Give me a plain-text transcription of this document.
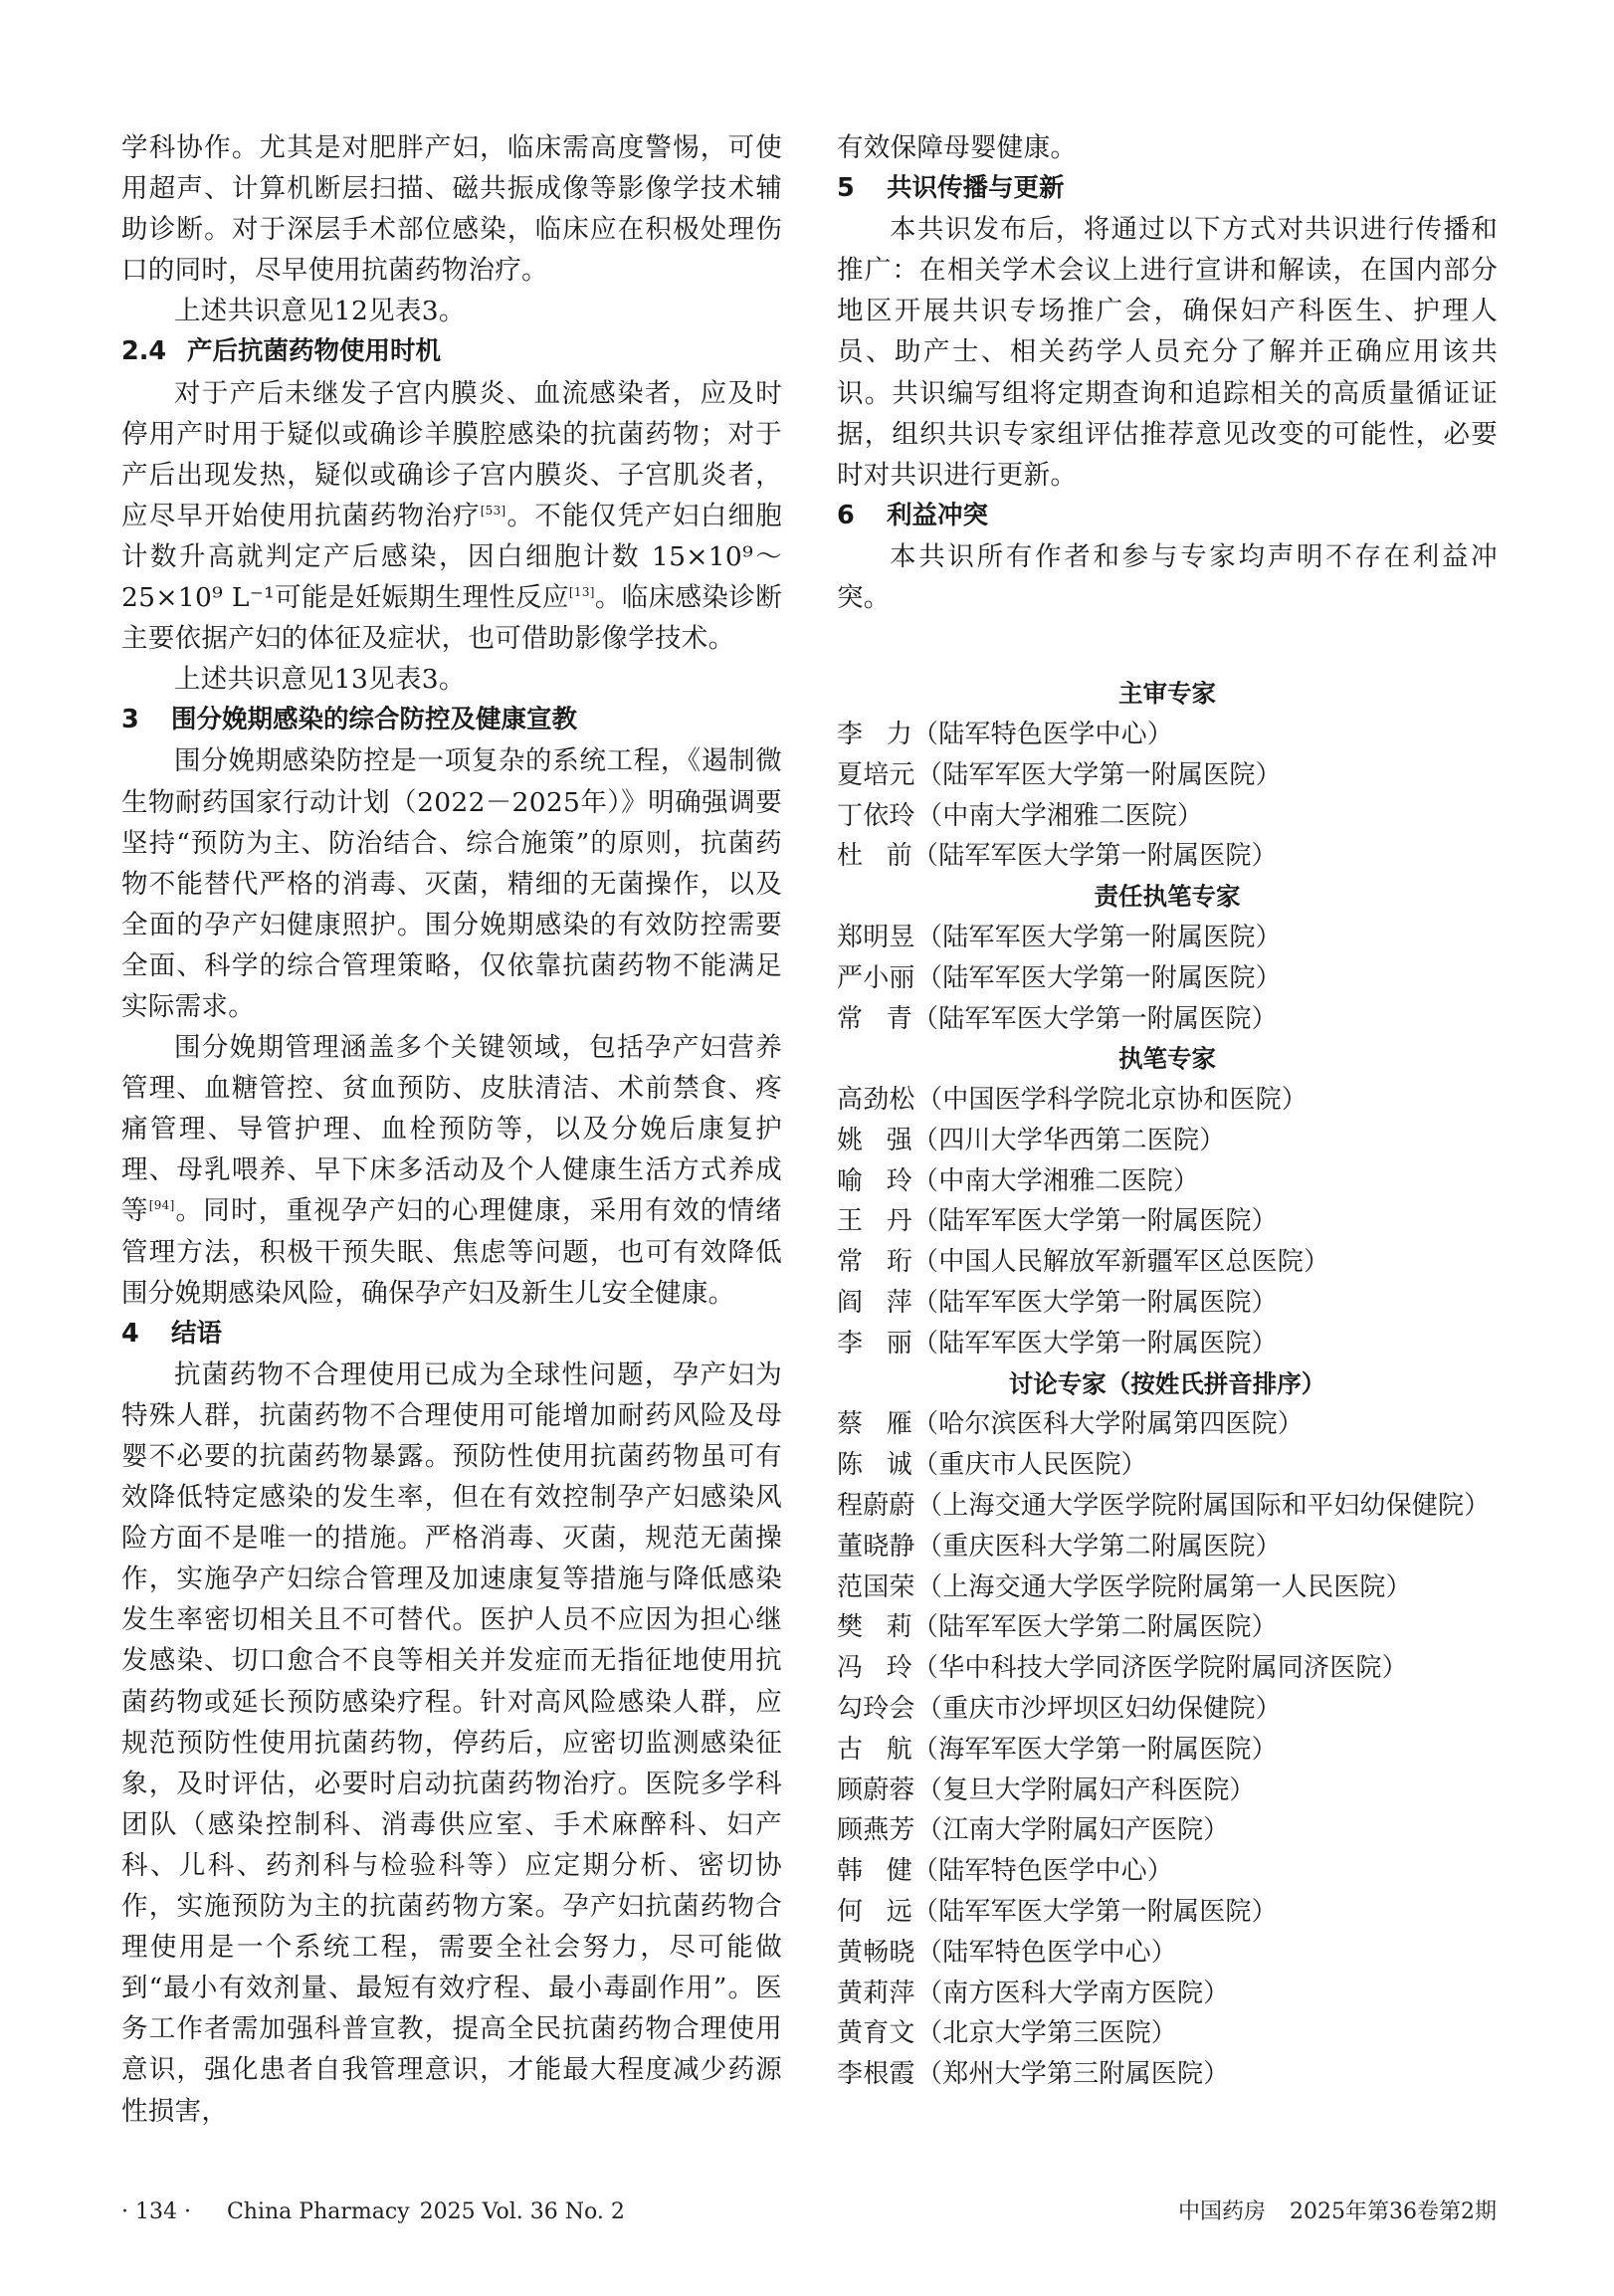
学科协作。尤其是对肥胖产妇，临床需高度警惕，可使用超声、计算机断层扫描、磁共振成像等影像学技术辅助诊断。对于深层手术部位感染，临床应在积极处理伤口的同时，尽早使用抗菌药物治疗。

上述共识意见12见表3。

2.4 产后抗菌药物使用时机

对于产后未继发子宫内膜炎、血流感染者，应及时停用产时用于疑似或确诊羊膜腔感染的抗菌药物；对于产后出现发热，疑似或确诊子宫内膜炎、子宫肌炎者，应尽早开始使用抗菌药物治疗[53]。不能仅凭产妇白细胞计数升高就判定产后感染，因白细胞计数 15×10⁹～25×10⁹ L⁻¹可能是妊娠期生理性反应[13]。临床感染诊断主要依据产妇的体征及症状，也可借助影像学技术。

上述共识意见13见表3。

3 围分娩期感染的综合防控及健康宣教

围分娩期感染防控是一项复杂的系统工程，《遏制微生物耐药国家行动计划（2022－2025年）》明确强调要坚持“预防为主、防治结合、综合施策”的原则，抗菌药物不能替代严格的消毒、灭菌，精细的无菌操作，以及全面的孕产妇健康照护。围分娩期感染的有效防控需要全面、科学的综合管理策略，仅依靠抗菌药物不能满足实际需求。

围分娩期管理涵盖多个关键领域，包括孕产妇营养管理、血糖管控、贫血预防、皮肤清洁、术前禁食、疼痛管理、导管护理、血栓预防等，以及分娩后康复护理、母乳喂养、早下床多活动及个人健康生活方式养成等[94]。同时，重视孕产妇的心理健康，采用有效的情绪管理方法，积极干预失眠、焦虑等问题，也可有效降低围分娩期感染风险，确保孕产妇及新生儿安全健康。

4 结语

抗菌药物不合理使用已成为全球性问题，孕产妇为特殊人群，抗菌药物不合理使用可能增加耐药风险及母婴不必要的抗菌药物暴露。预防性使用抗菌药物虽可有效降低特定感染的发生率，但在有效控制孕产妇感染风险方面不是唯一的措施。严格消毒、灭菌，规范无菌操作，实施孕产妇综合管理及加速康复等措施与降低感染发生率密切相关且不可替代。医护人员不应因为担心继发感染、切口愈合不良等相关并发症而无指征地使用抗菌药物或延长预防感染疗程。针对高风险感染人群，应规范预防性使用抗菌药物，停药后，应密切监测感染征象，及时评估，必要时启动抗菌药物治疗。医院多学科团队（感染控制科、消毒供应室、手术麻醉科、妇产科、儿科、药剂科与检验科等）应定期分析、密切协作，实施预防为主的抗菌药物方案。孕产妇抗菌药物合理使用是一个系统工程，需要全社会努力，尽可能做到“最小有效剂量、最短有效疗程、最小毒副作用”。医务工作者需加强科普宣教，提高全民抗菌药物合理使用意识，强化患者自我管理意识，才能最大程度减少药源性损害，

有效保障母婴健康。

5 共识传播与更新

本共识发布后，将通过以下方式对共识进行传播和推广：在相关学术会议上进行宣讲和解读，在国内部分地区开展共识专场推广会，确保妇产科医生、护理人员、助产士、相关药学人员充分了解并正确应用该共识。共识编写组将定期查询和追踪相关的高质量循证证据，组织共识专家组评估推荐意见改变的可能性，必要时对共识进行更新。

6 利益冲突

本共识所有作者和参与专家均声明不存在利益冲突。

主审专家
李力（陆军特色医学中心）
夏培元（陆军军医大学第一附属医院）
丁依玲（中南大学湘雅二医院）
杜前（陆军军医大学第一附属医院）
责任执笔专家
郑明昱（陆军军医大学第一附属医院）
严小丽（陆军军医大学第一附属医院）
常青（陆军军医大学第一附属医院）
执笔专家
高劲松（中国医学科学院北京协和医院）
姚强（四川大学华西第二医院）
喻玲（中南大学湘雅二医院）
王丹（陆军军医大学第一附属医院）
常珩（中国人民解放军新疆军区总医院）
阎萍（陆军军医大学第一附属医院）
李丽（陆军军医大学第一附属医院）
讨论专家（按姓氏拼音排序）
蔡雁（哈尔滨医科大学附属第四医院）
陈诚（重庆市人民医院）
程蔚蔚（上海交通大学医学院附属国际和平妇幼保健院）
董晓静（重庆医科大学第二附属医院）
范国荣（上海交通大学医学院附属第一人民医院）
樊莉（陆军军医大学第二附属医院）
冯玲（华中科技大学同济医学院附属同济医院）
勾玲会（重庆市沙坪坝区妇幼保健院）
古航（海军军医大学第一附属医院）
顾蔚蓉（复旦大学附属妇产科医院）
顾燕芳（江南大学附属妇产医院）
韩健（陆军特色医学中心）
何远（陆军军医大学第一附属医院）
黄畅晓（陆军特色医学中心）
黄莉萍（南方医科大学南方医院）
黄育文（北京大学第三医院）
李根霞（郑州大学第三附属医院）
· 134 · China Pharmacy 2025 Vol. 36 No. 2	中国药房 2025年第36卷第2期
